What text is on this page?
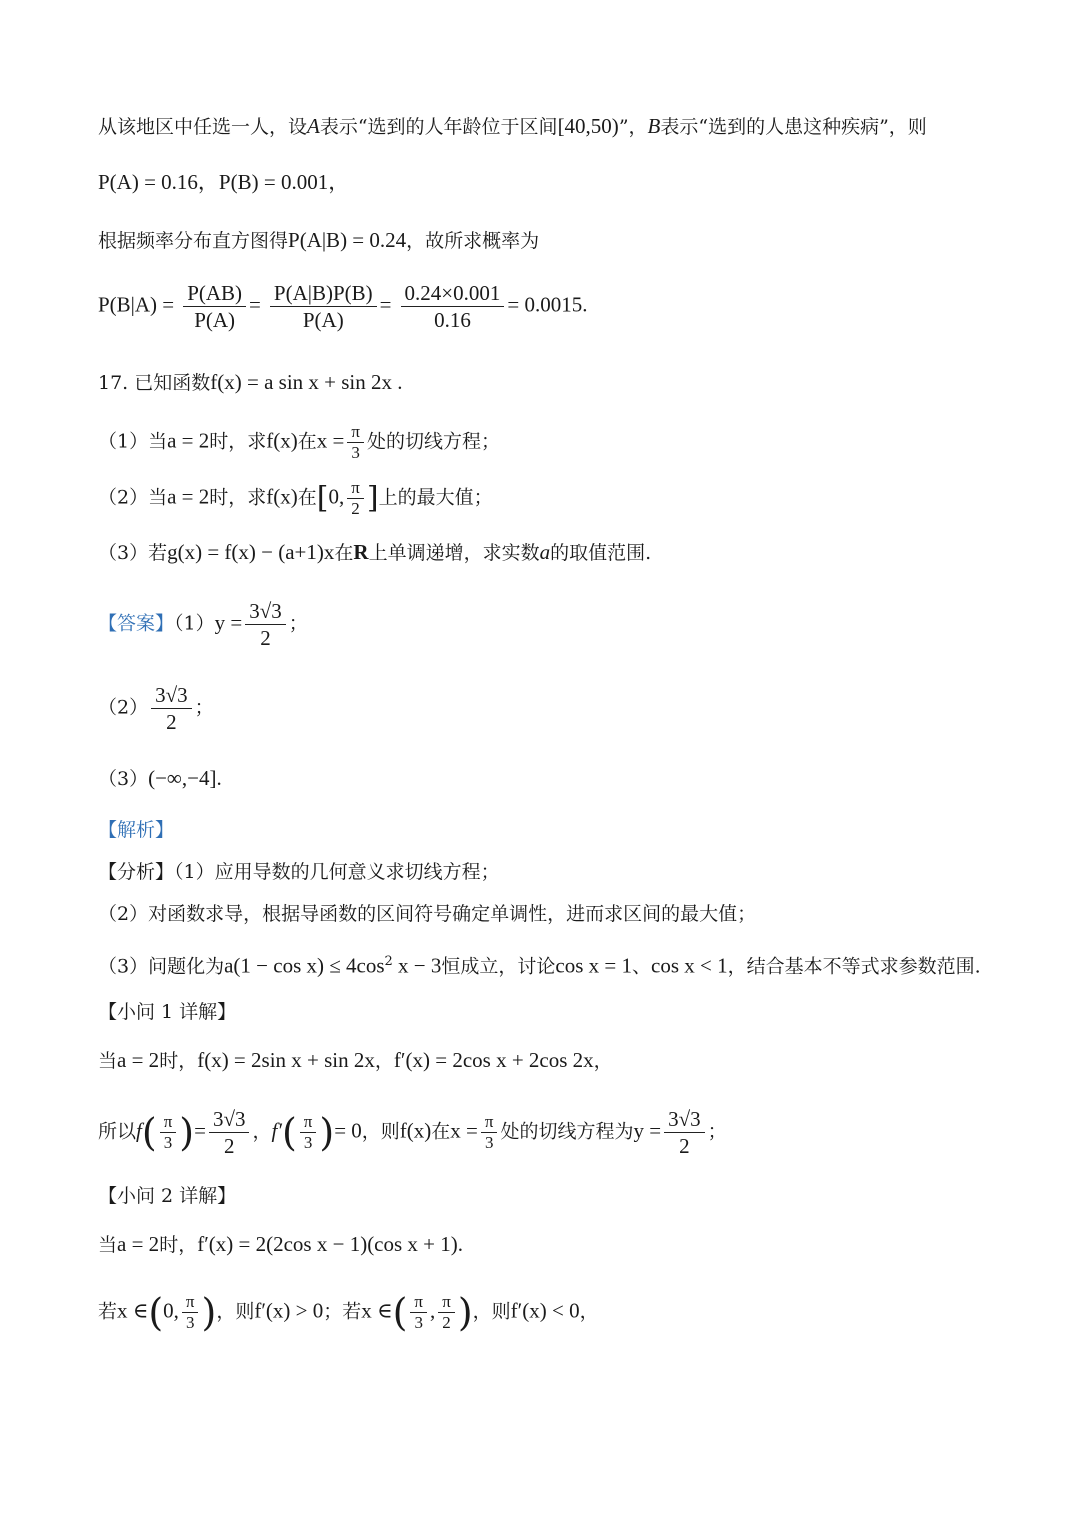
从该地区中任选一人，设A表示“选到的人年龄位于区间[40,50)”，B表示“选到的人患这种疾病”，则
P(A) = 0.16，P(B) = 0.001，
根据频率分布直方图得P(A|B) = 0.24，故所求概率为
$P(B|A) = \frac{P(AB)}{P(A)} = \frac{P(A|B)P(B)}{P(A)} = \frac{0.24\times 0.001}{0.16} = 0.0015$.
17. 已知函数f(x) = a sin x + sin 2x .
（1）当a = 2时，求f(x)在$x = \frac{\pi}{3}$ 处的切线方程；
（2）当a = 2时，求f(x)在[0, $\frac{\pi}{2}$ ]上的最大值；
（3）若g(x) = f(x) − (a+1)x在R上单调递增，求实数a的取值范围.
【答案】$(1)y = \frac{3√3}{2}$ ；
$(2) \frac{3√3}{2}$ ；
（3）(−∞,−4].
【解析】
【分析】（1）应用导数的几何意义求切线方程；
（2）对函数求导，根据导函数的区间符号确定单调性，进而求区间的最大值；
（3）问题化为$a(1 - \cos x) \le 4\cos^2$ x − 3恒成立，讨论cos x = 1、cos x < 1，结合基本不等式求参数范围.
【小问 1 详解】
当a = 2时，f(x) = 2sin x + sin 2x，f′(x) = 2cos x + 2cos 2x，
所以$f( \frac{\pi}{3}$ )= $\frac{3√3}{2}$ ，$f'( \frac{\pi}{3}$ )= 0，则f(x)在$x = \frac{\pi}{3}$ 处的切线方程为$y = \frac{3√3}{2}$ ；
【小问 2 详解】
当a = 2时，f′(x) = 2(2cos x − 1)(cos x + 1).
若x ∈(0, $\frac{\pi}{3}$ )，则f′(x) > 0；若x ∈( $\frac{\pi}{3}$ , $\frac{\pi}{2}$ )，则f′(x) < 0，
